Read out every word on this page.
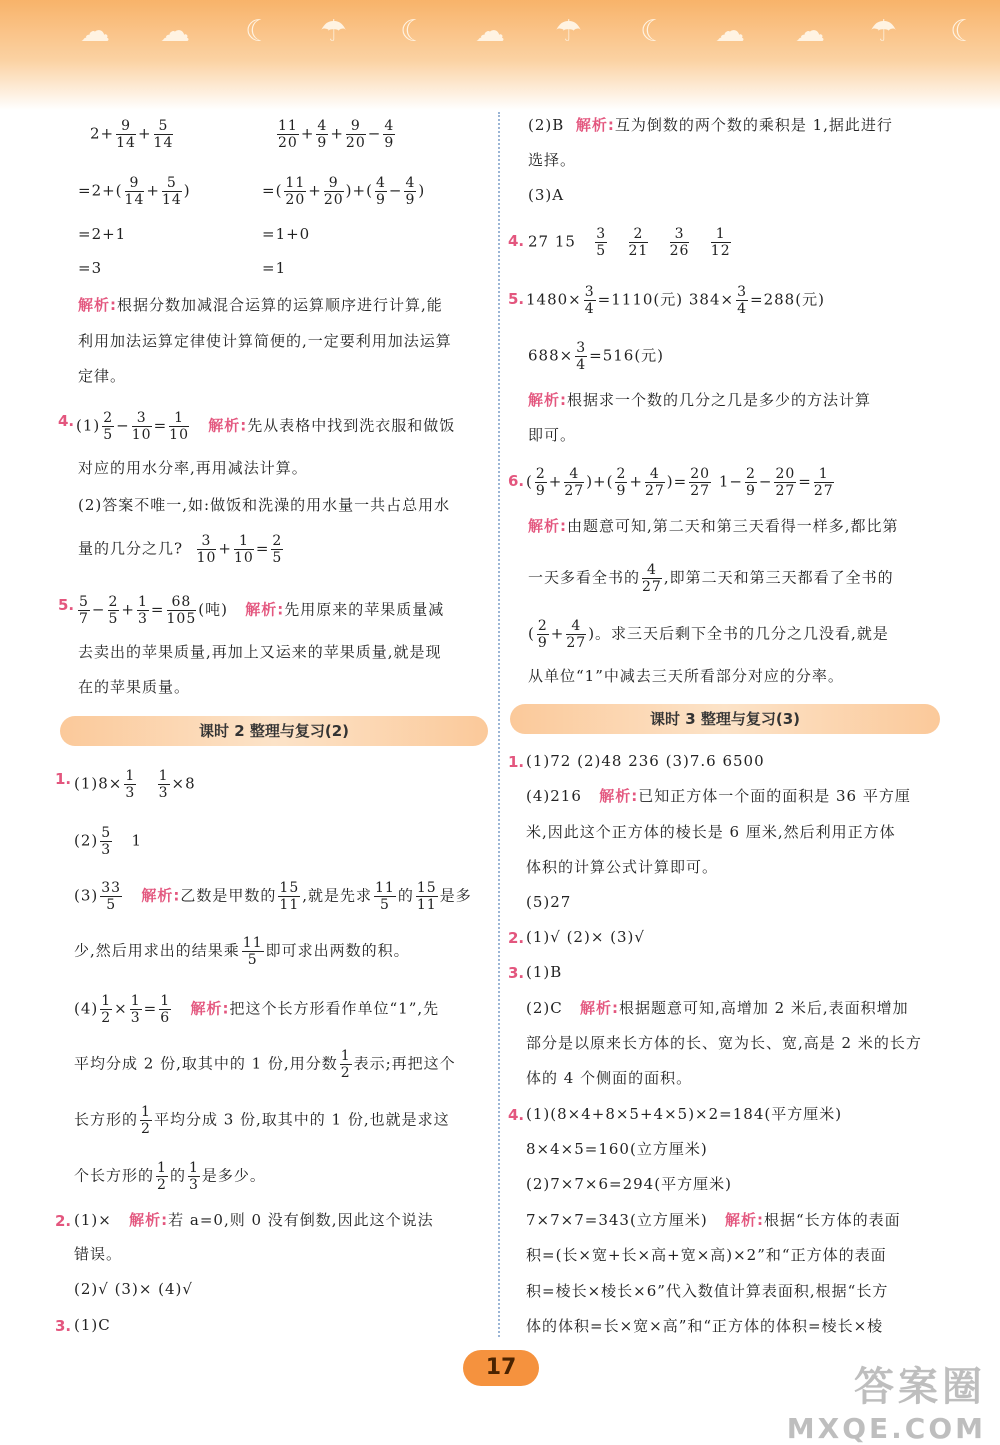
☁ ☁ ☾ ☂ ☾ ☁ ☂ ☾ ☁ ☁ ☂ ☾
$2+ \frac{9}{14} + \frac{5}{14}$
$=2+( \frac{9}{14} + \frac{5}{14}$ )
=2+1
=3
$\frac{11}{20} + \frac{4}{9} + \frac{9}{20} - \frac{4}{9}$
=( $\frac{11}{20} + \frac{9}{20}$ )+( $\frac{4}{9} - \frac{4}{9}$ )
=1+0
=1
解析:根据分数加减混合运算的运算顺序进行计算,能
利用加法运算定律使计算简便的,一定要利用加法运算
定律。
4. $(1) \frac{2}{5} - \frac{3}{10} = \frac{1}{10}$ 解析:先从表格中找到洗衣服和做饭
对应的用水分率,再用减法计算。
(2)答案不唯一,如:做饭和洗澡的用水量一共占总用水
量的几分之几? $\frac{3}{10} + \frac{1}{10} = \frac{2}{5}$
5. $\frac{5}{7} - \frac{2}{5} + \frac{1}{3} = \frac{68}{105}$ (吨) 解析:先用原来的苹果质量减
去卖出的苹果质量,再加上又运来的苹果质量,就是现
在的苹果质量。
课时 2 整理与复习(2)
1. $(1)8\times \frac{1}{3}$
$\frac{1}{3} \times 8$
$(2) \frac{5}{3} 1$
$(3) \frac{33}{5}$ 解析:乙数是甲数的 $\frac{15}{11}$ ,就是先求 $\frac{11}{5}$ 的 $\frac{15}{11}$ 是多
少,然后用求出的结果乘 $\frac{11}{5}$ 即可求出两数的积。
$(4) \frac{1}{2} \times \frac{1}{3} = \frac{1}{6}$ 解析:把这个长方形看作单位“1”,先
平均分成 2 份,取其中的 1 份,用分数 $\frac{1}{2}$ 表示;再把这个
长方形的 $\frac{1}{2}$ 平均分成 3 份,取其中的 1 份,也就是求这
个长方形的 $\frac{1}{2}$ 的 $\frac{1}{3}$ 是多少。
2. (1)× 解析:若 a=0,则 0 没有倒数,因此这个说法
错误。
(2)√ (3)× (4)√
3. (1)C
(2)B 解析:互为倒数的两个数的乘积是 1,据此进行
选择。
(3)A
4. 27 $15 \frac{3}{5}$
$\frac{2}{21}$
$\frac{3}{26}$
$\frac{1}{12}$
5. $1480\times \frac{3}{4} =1110$(元) $384\times \frac{3}{4} =288$(元)
$688\times \frac{3}{4} =516$(元)
解析:根据求一个数的几分之几是多少的方法计算
即可。
6. ( $\frac{2}{9} + \frac{4}{27}$ )+( $\frac{2}{9} + \frac{4}{27}$ )= $\frac{20}{27} 1- \frac{2}{9} - \frac{20}{27} = \frac{1}{27}$
解析:由题意可知,第二天和第三天看得一样多,都比第
一天多看全书的 $\frac{4}{27}$ ,即第二天和第三天都看了全书的
( $\frac{2}{9} + \frac{4}{27}$ )。求三天后剩下全书的几分之几没看,就是
从单位“1”中减去三天所看部分对应的分率。
课时 3 整理与复习(3)
1. (1)72 (2)48 236 (3)7.6 6500
(4)216 解析:已知正方体一个面的面积是 36 平方厘
米,因此这个正方体的棱长是 6 厘米,然后利用正方体
体积的计算公式计算即可。
(5)27
2. (1)√ (2)× (3)√
3. (1)B
(2)C 解析:根据题意可知,高增加 2 米后,表面积增加
部分是以原来长方体的长、宽为长、宽,高是 2 米的长方
体的 4 个侧面的面积。
4. (1)(8×4+8×5+4×5)×2=184(平方厘米)
8×4×5=160(立方厘米)
(2)7×7×6=294(平方厘米)
7×7×7=343(立方厘米) 解析:根据“长方体的表面
积=(长×宽+长×高+宽×高)×2”和“正方体的表面
积=棱长×棱长×6”代入数值计算表面积,根据“长方
体的体积=长×宽×高”和“正方体的体积=棱长×棱
17	答案圈
MXQE.COM
